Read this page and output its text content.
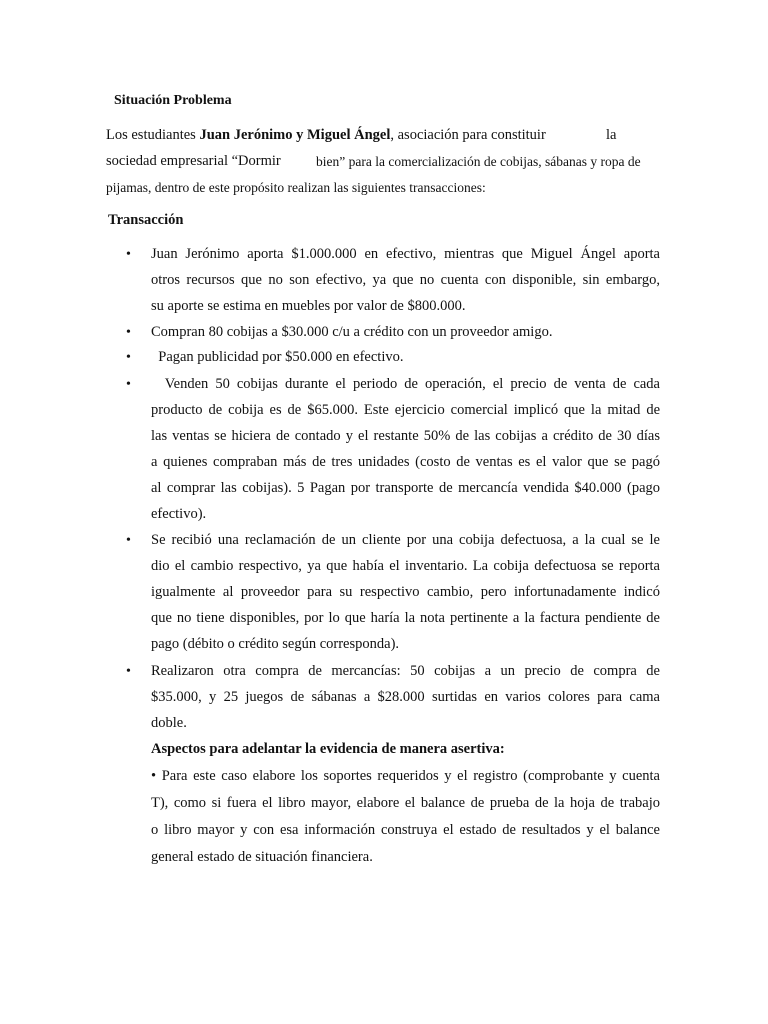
Situación Problema
Los estudiantes Juan Jerónimo y Miguel Ángel, asociación para constituir	la
sociedad empresarial “Dormir	bien” para la comercialización de cobijas, sábanas y ropa de
pijamas, dentro de este propósito realizan las siguientes transacciones:
Transacción
• Juan Jerónimo aporta $1.000.000 en efectivo, mientras que Miguel Ángel aporta
otros recursos que no son efectivo, ya que no cuenta con disponible, sin embargo,
su aporte se estima en muebles por valor de $800.000.
• Compran 80 cobijas a $30.000 c/u a crédito con un proveedor amigo.
• Pagan publicidad por $50.000 en efectivo.
• Venden 50 cobijas durante el periodo de operación, el precio de venta de cada
producto de cobija es de $65.000. Este ejercicio comercial implicó que la mitad de
las ventas se hiciera de contado y el restante 50% de las cobijas a crédito de 30 días
a quienes compraban más de tres unidades (costo de ventas es el valor que se pagó
al comprar las cobijas). 5 Pagan por transporte de mercancía vendida $40.000 (pago
efectivo).
• Se recibió una reclamación de un cliente por una cobija defectuosa, a la cual se le
dio el cambio respectivo, ya que había el inventario. La cobija defectuosa se reporta
igualmente al proveedor para su respectivo cambio, pero infortunadamente indicó
que no tiene disponibles, por lo que haría la nota pertinente a la factura pendiente de
pago (débito o crédito según corresponda).
• Realizaron otra compra de mercancías: 50 cobijas a un precio de compra de
$35.000, y 25 juegos de sábanas a $28.000 surtidas en varios colores para cama
doble.
Aspectos para adelantar la evidencia de manera asertiva:
• Para este caso elabore los soportes requeridos y el registro (comprobante y cuenta
T), como si fuera el libro mayor, elabore el balance de prueba de la hoja de trabajo
o libro mayor y con esa información construya el estado de resultados y el balance
general estado de situación financiera.
